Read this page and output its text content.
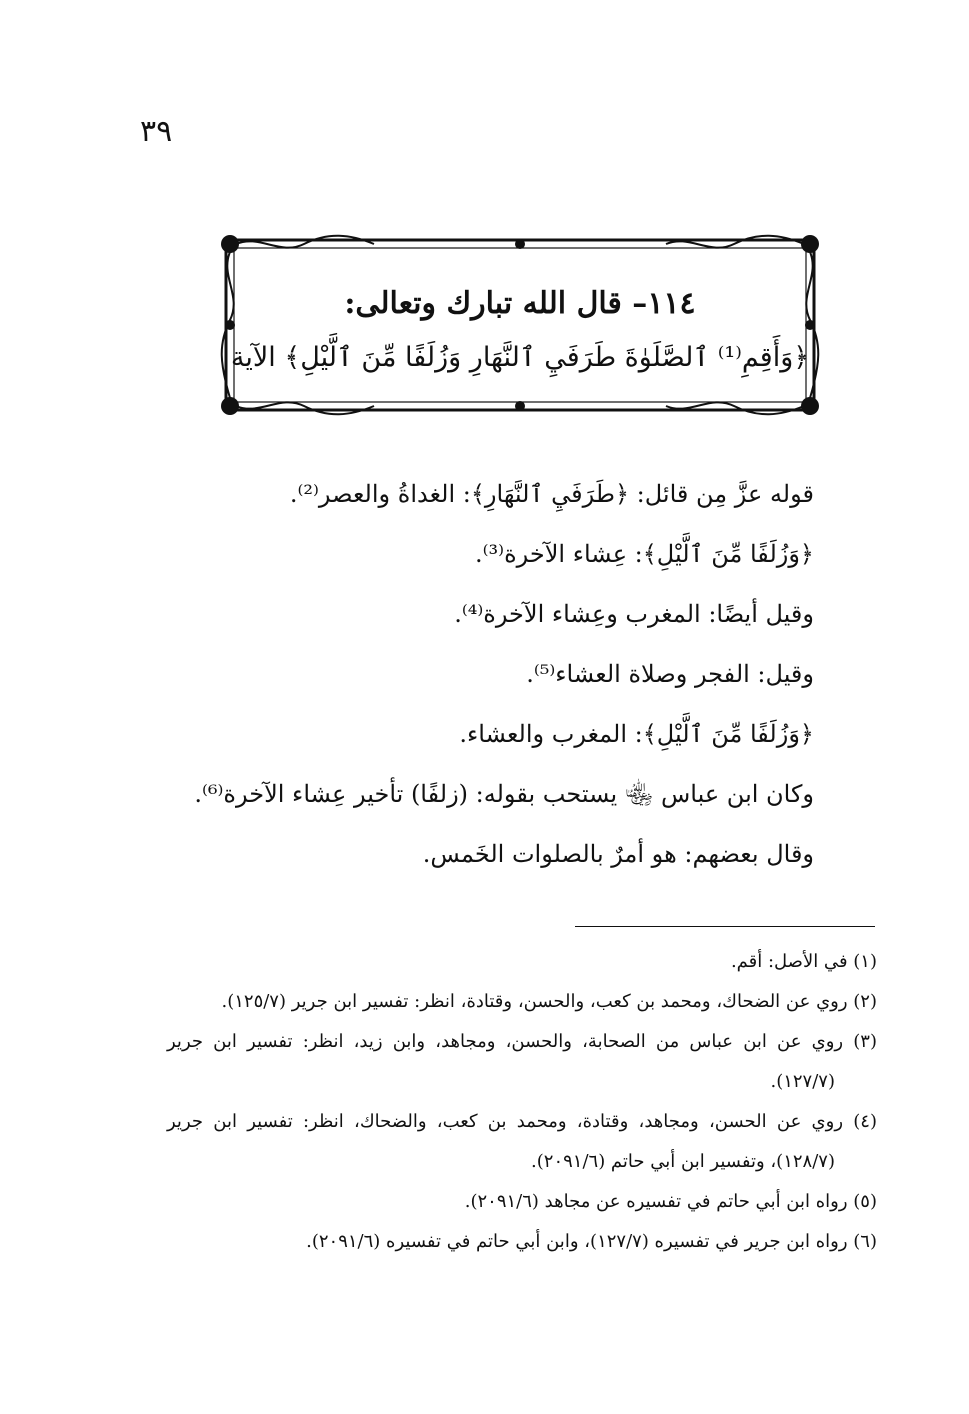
٣٩
١١٤– قال الله تبارك وتعالى:
﴿وَأَقِمِ⁽¹⁾ ٱلصَّلَوٰةَ طَرَفَيِ ٱلنَّهَارِ وَزُلَفًا مِّنَ ٱلَّيْلِ﴾ الآية
قوله عزَّ مِن قائل: ﴿طَرَفَيِ ٱلنَّهَارِ﴾: الغداةُ والعصر⁽²⁾.
﴿وَزُلَفًا مِّنَ ٱلَّيْلِ﴾: عِشاء الآخرة⁽³⁾.
وقيل أيضًا: المغرب وعِشاء الآخرة⁽⁴⁾.
وقيل: الفجر وصلاة العشاء⁽⁵⁾.
﴿وَزُلَفًا مِّنَ ٱلَّيْلِ﴾: المغرب والعشاء.
وكان ابن عباس ﵄ يستحب بقوله: (زلفًا) تأخير عِشاء الآخرة⁽⁶⁾.
وقال بعضهم: هو أمرٌ بالصلوات الخَمس.

(١) في الأصل: أقم.

(٢) روي عن الضحاك، ومحمد بن كعب، والحسن، وقتادة، انظر: تفسير ابن جرير (١٢٥/٧).

(٣) روي عن ابن عباس من الصحابة، والحسن، ومجاهد، وابن زيد، انظر: تفسير ابن جرير (١٢٧/٧).

(٤) روي عن الحسن، ومجاهد، وقتادة، ومحمد بن كعب، والضحاك، انظر: تفسير ابن جرير (١٢٨/٧)، وتفسير ابن أبي حاتم (٢٠٩١/٦).

(٥) رواه ابن أبي حاتم في تفسيره عن مجاهد (٢٠٩١/٦).

(٦) رواه ابن جرير في تفسيره (١٢٧/٧)، وابن أبي حاتم في تفسيره (٢٠٩١/٦).
